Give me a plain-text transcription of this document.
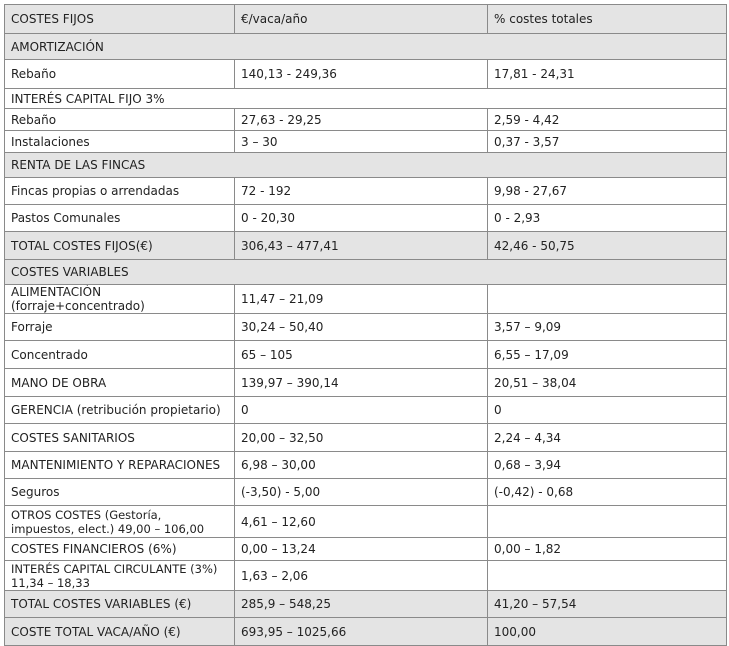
COSTES FIJOS	€/vaca/año	% costes totales
AMORTIZACIÓN		
Rebaño	140,13 - 249,36	17,81 - 24,31
INTERÉS CAPITAL FIJO 3%		
Rebaño	27,63 - 29,25	2,59 - 4,42
Instalaciones	3 – 30	0,37 - 3,57
RENTA DE LAS FINCAS		
Fincas propias o arrendadas	72 - 192	9,98 - 27,67
Pastos Comunales	0 - 20,30	0 - 2,93
TOTAL COSTES FIJOS(€)	306,43 – 477,41	42,46 - 50,75
COSTES VARIABLES		
ALIMENTACIÓN (forraje+concentrado)	11,47 – 21,09	
Forraje	30,24 – 50,40	3,57 – 9,09
Concentrado	65 – 105	6,55 – 17,09
MANO DE OBRA	139,97 – 390,14	20,51 – 38,04
GERENCIA (retribución propietario)	0	0
COSTES SANITARIOS	20,00 – 32,50	2,24 – 4,34
MANTENIMIENTO Y REPARACIONES	6,98 – 30,00	0,68 – 3,94
Seguros	(-3,50) - 5,00	(-0,42) - 0,68
OTROS COSTES (Gestoría, impuestos, elect.) 49,00 – 106,00	4,61 – 12,60	
COSTES FINANCIEROS (6%)	0,00 – 13,24	0,00 – 1,82
INTERÉS CAPITAL CIRCULANTE (3%) 11,34 – 18,33	1,63 – 2,06	
TOTAL COSTES VARIABLES (€)	285,9 – 548,25	41,20 – 57,54
COSTE TOTAL VACA/AÑO (€)	693,95 – 1025,66	100,00
